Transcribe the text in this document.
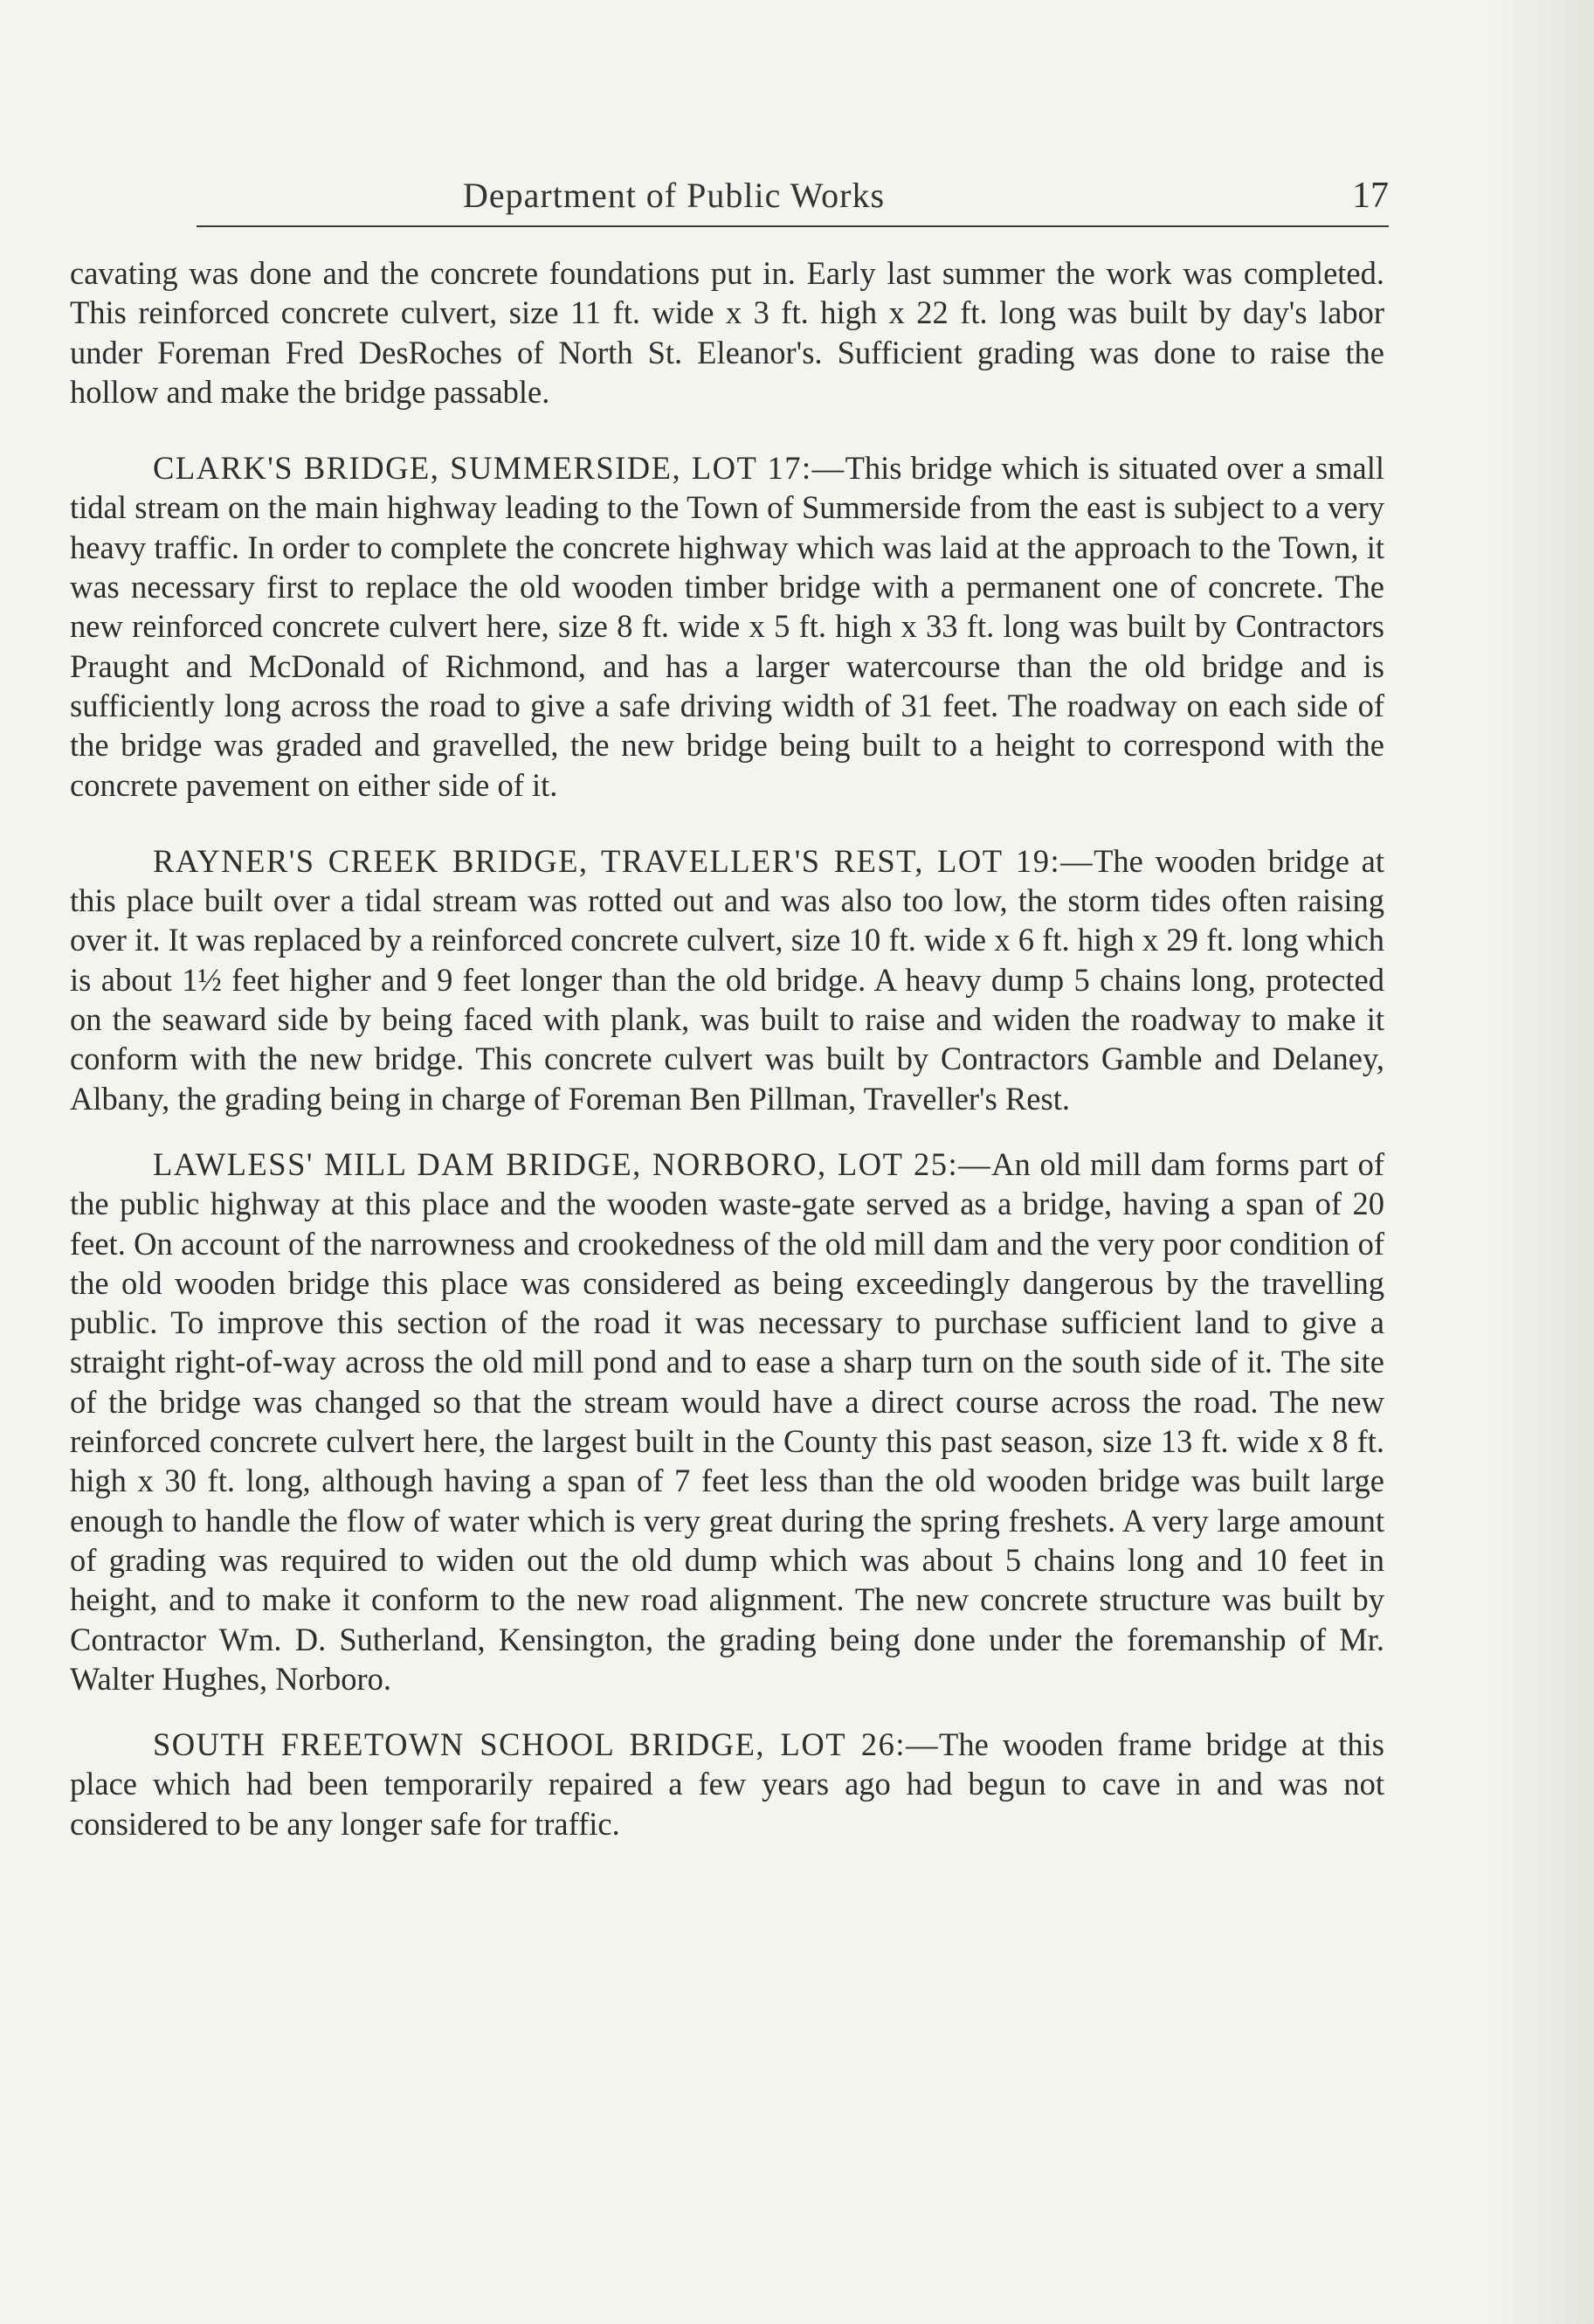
Department of Public Works	17

cavating was done and the concrete foundations put in. Early last summer the work was completed. This reinforced concrete culvert, size 11 ft. wide x 3 ft. high x 22 ft. long was built by day's labor under Foreman Fred DesRoches of North St. Eleanor's. Sufficient grading was done to raise the hollow and make the bridge passable.

CLARK'S BRIDGE, SUMMERSIDE, LOT 17:—This bridge which is situated over a small tidal stream on the main highway leading to the Town of Summerside from the east is subject to a very heavy traffic. In order to complete the concrete highway which was laid at the approach to the Town, it was necessary first to replace the old wooden timber bridge with a permanent one of concrete. The new reinforced concrete culvert here, size 8 ft. wide x 5 ft. high x 33 ft. long was built by Contractors Praught and McDonald of Richmond, and has a larger watercourse than the old bridge and is sufficiently long across the road to give a safe driving width of 31 feet. The roadway on each side of the bridge was graded and gravelled, the new bridge being built to a height to correspond with the concrete pavement on either side of it.

RAYNER'S CREEK BRIDGE, TRAVELLER'S REST, LOT 19:—The wooden bridge at this place built over a tidal stream was rotted out and was also too low, the storm tides often raising over it. It was replaced by a reinforced concrete culvert, size 10 ft. wide x 6 ft. high x 29 ft. long which is about 1½ feet higher and 9 feet longer than the old bridge. A heavy dump 5 chains long, protected on the seaward side by being faced with plank, was built to raise and widen the roadway to make it conform with the new bridge. This concrete culvert was built by Contractors Gamble and Delaney, Albany, the grading being in charge of Foreman Ben Pillman, Traveller's Rest.

LAWLESS' MILL DAM BRIDGE, NORBORO, LOT 25:—An old mill dam forms part of the public highway at this place and the wooden waste-gate served as a bridge, having a span of 20 feet. On account of the narrowness and crookedness of the old mill dam and the very poor condition of the old wooden bridge this place was considered as being exceedingly dangerous by the travelling public. To improve this section of the road it was necessary to purchase sufficient land to give a straight right-of-way across the old mill pond and to ease a sharp turn on the south side of it. The site of the bridge was changed so that the stream would have a direct course across the road. The new reinforced concrete culvert here, the largest built in the County this past season, size 13 ft. wide x 8 ft. high x 30 ft. long, although having a span of 7 feet less than the old wooden bridge was built large enough to handle the flow of water which is very great during the spring freshets. A very large amount of grading was required to widen out the old dump which was about 5 chains long and 10 feet in height, and to make it conform to the new road alignment. The new concrete structure was built by Contractor Wm. D. Sutherland, Kensington, the grading being done under the foremanship of Mr. Walter Hughes, Norboro.

SOUTH FREETOWN SCHOOL BRIDGE, LOT 26:—The wooden frame bridge at this place which had been temporarily repaired a few years ago had begun to cave in and was not considered to be any longer safe for traffic.
